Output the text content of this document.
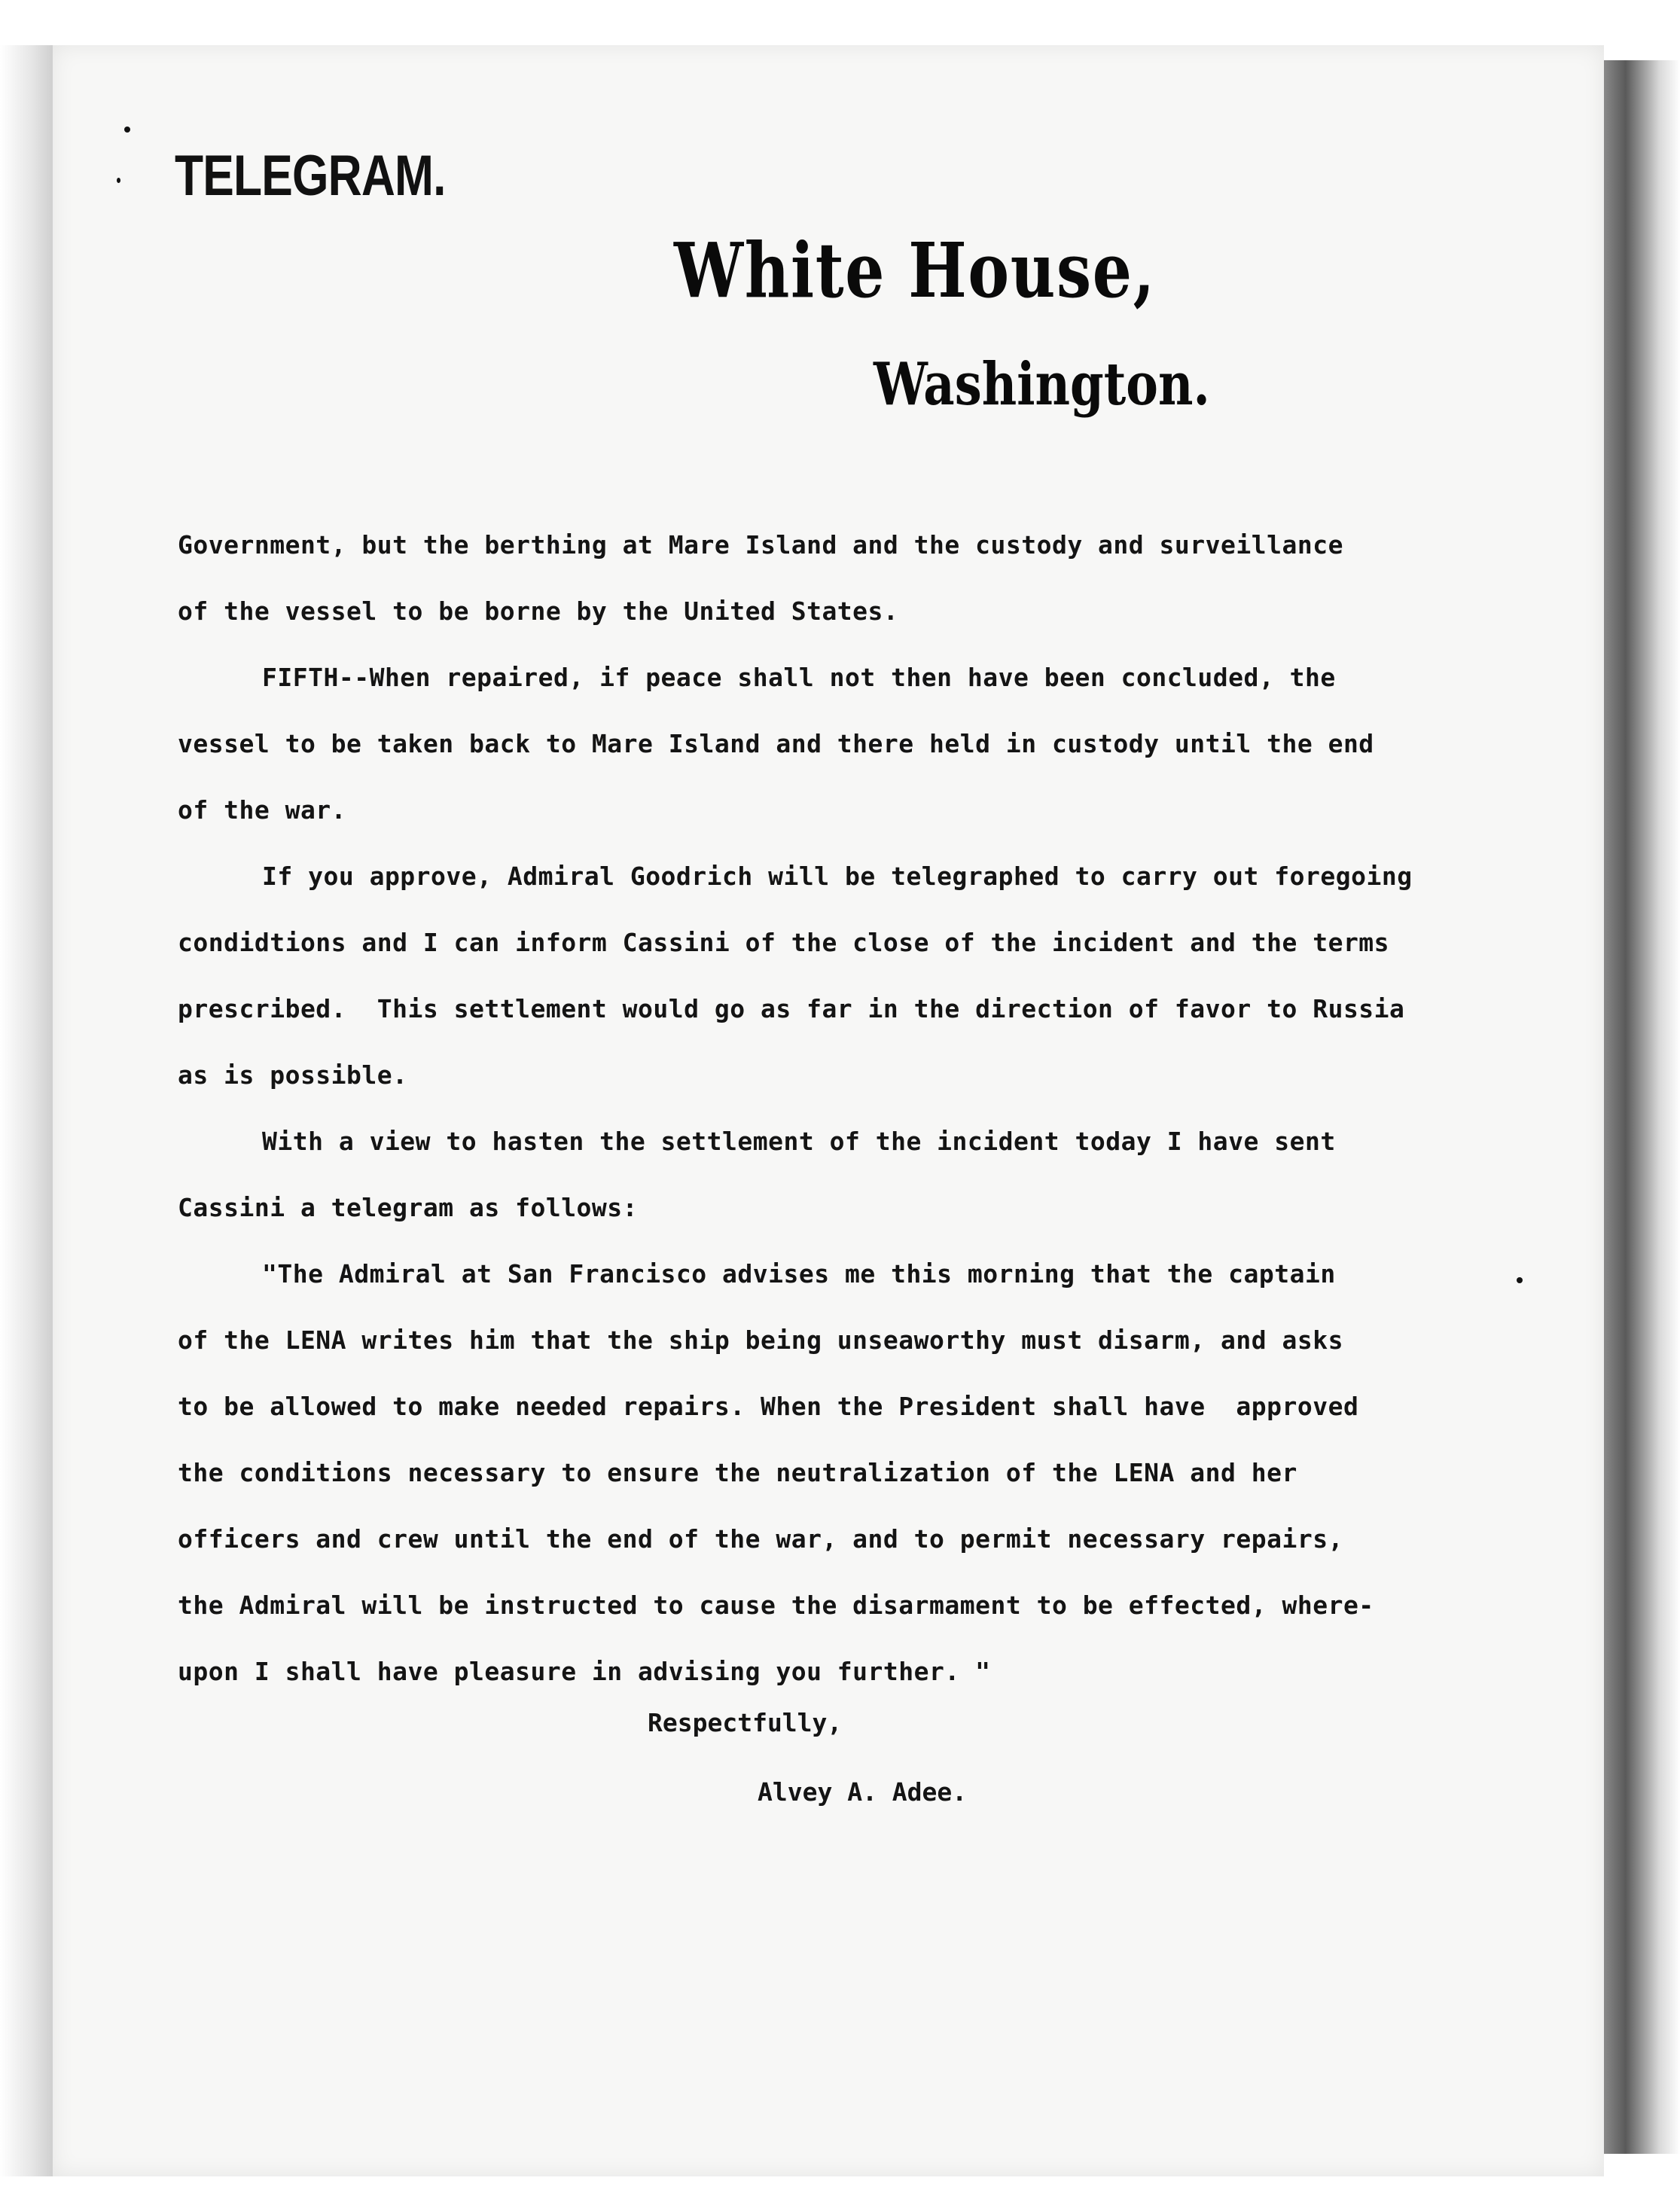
TELEGRAM.
White House,
Washington.
Government, but the berthing at Mare Island and the custody and surveillance
of the vessel to be borne by the United States.
FIFTH--When repaired, if peace shall not then have been concluded, the
vessel to be taken back to Mare Island and there held in custody until the end
of the war.
If you approve, Admiral Goodrich will be telegraphed to carry out foregoing
condidtions and I can inform Cassini of the close of the incident and the terms
prescribed.  This settlement would go as far in the direction of favor to Russia
as is possible.
With a view to hasten the settlement of the incident today I have sent
Cassini a telegram as follows:
"The Admiral at San Francisco advises me this morning that the captain
of the LENA writes him that the ship being unseaworthy must disarm, and asks
to be allowed to make needed repairs. When the President shall have  approved
the conditions necessary to ensure the neutralization of the LENA and her
officers and crew until the end of the war, and to permit necessary repairs,
the Admiral will be instructed to cause the disarmament to be effected, where-
upon I shall have pleasure in advising you further. "
Respectfully,
Alvey A. Adee.
